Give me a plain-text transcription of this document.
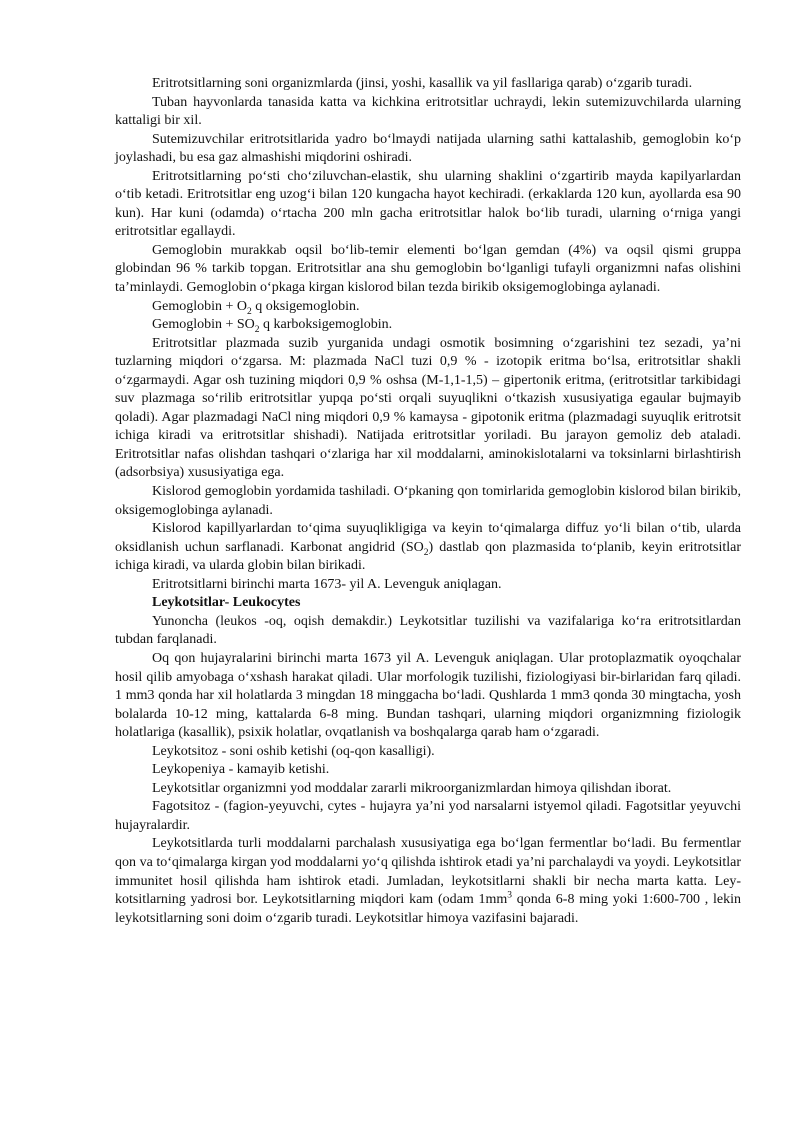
Eritrotsitlarning soni organizmlarda (jinsi, yoshi, kasallik va yil fasllariga qarab) o‘zgarib turadi.

Tuban hayvonlarda tanasida katta va kichkina eritrotsitlar uchraydi, lekin sutemizuvchilarda ularning kattaligi bir xil.

Sutemizuvchilar eritrotsitlarida yadro bo‘lmaydi natijada ularning sathi kattalashib, gemoglobin ko‘p joylashadi, bu esa gaz almashishi miqdorini oshiradi.

Eritrotsitlarning po‘sti cho‘ziluvchan-elastik, shu ularning shaklini o‘zgartirib mayda kapilyarlardan o‘tib ketadi. Eritrotsitlar eng uzog‘i bilan 120 kungacha hayot kechiradi. (erkaklarda 120 kun, ayollarda esa 90 kun). Har kuni (odamda) o‘rtacha 200 mln gacha eritrotsitlar halok bo‘lib turadi, ularning o‘rniga yangi eritrotsitlar egallaydi.

Gemoglobin murakkab oqsil bo‘lib-temir elementi bo‘lgan gemdan (4%) va oqsil qismi gruppa globindan 96 % tarkib topgan. Eritrotsitlar ana shu gemoglobin bo‘lganligi tufayli organizmni nafas olishini ta’minlaydi. Gemoglobin o‘pkaga kirgan kislorod bilan tezda birikib oksigemoglobinga aylanadi.

Gemoglobin + $O_2$ q oksigemoglobin.

Gemoglobin + $SO_2$ q karboksigemoglobin.

Eritrotsitlar plazmada suzib yurganida undagi osmotik bosimning o‘zgarishini tez sezadi, ya’ni tuzlarning miqdori o‘zgarsa. M: plazmada NaCl tuzi 0,9 % - izotopik eritma bo‘lsa, eritrotsitlar shakli o‘zgarmaydi. Agar osh tuzining miqdori 0,9 % oshsa (M-1,1-1,5) – gipertonik eritma, (eritrotsitlar tarkibidagi suv plazmaga so‘rilib eritrotsitlar yupqa po‘sti orqali suyuqlikni o‘tkazish xususiyatiga egaular bujmayib qoladi). Agar plazmadagi NaCl ning miqdori 0,9 % kamaysa - gipotonik eritma (plazmadagi suyuqlik eritrotsit ichiga kiradi va eritrotsitlar shishadi). Natijada eritrotsitlar yoriladi. Bu jarayon gemoliz deb ataladi. Eritrotsitlar nafas olishdan tashqari o‘zlariga har xil moddalarni, aminokislotalarni va toksinlarni birlashtirish (adsorbsiya) xususiyatiga ega.

Kislorod gemoglobin yordamida tashiladi. O‘pkaning qon tomirlarida gemoglobin kislorod bilan birikib, oksigemoglobinga aylanadi.

Kislorod kapillyarlardan to‘qima suyuqlikligiga va keyin to‘qimalarga diffuz yo‘li bilan o‘tib, ularda oksidlanish uchun sarflanadi. Karbonat angidrid $(SO_2)$ dastlab qon plazmasida to‘planib, keyin eritrotsitlar ichiga kiradi, va ularda globin bilan birikadi.

Eritrotsitlarni birinchi marta 1673- yil A. Levenguk aniqlagan.

Leykotsitlar- Leukocytes

Yunoncha (leukos -oq, oqish demakdir.) Leykotsitlar tuzilishi va vazifalariga ko‘ra eritrotsitlardan tubdan farqlanadi.

Oq qon hujayralarini birinchi marta 1673 yil A. Levenguk aniqlagan. Ular protoplazmatik oyoqchalar hosil qilib amyobaga o‘xshash harakat qiladi. Ular morfologik tuzilishi, fiziologiyasi bir-birlaridan farq qiladi. 1 mm3 qonda har xil holatlarda 3 mingdan 18 minggacha bo‘ladi. Qushlarda 1 mm3 qonda 30 mingtacha, yosh bolalarda 10-12 ming, kattalarda 6-8 ming. Bundan tashqari, ularning miqdori organizmning fiziologik holatlariga (kasallik), psixik holatlar, ovqatlanish va boshqalarga qarab ham o‘zgaradi.

Leykotsitoz - soni oshib ketishi (oq-qon kasalligi).

Leykopeniya - kamayib ketishi.

Leykotsitlar organizmni yod moddalar zararli mikroorganizmlardan himoya qilishdan iborat.

Fagotsitoz - (fagion-yeyuvchi, cytes - hujayra ya’ni yod narsalarni istyemol qiladi. Fagotsitlar yeyuvchi hujayralardir.

Leykotsitlarda turli moddalarni parchalash xususiyatiga ega bo‘lgan fermentlar bo‘ladi. Bu fermentlar qon va to‘qimalarga kirgan yod moddalarni yo‘q qilishda ishtirok etadi ya’ni parchalaydi va yoydi. Leykotsitlar immunitet hosil qilishda ham ishtirok etadi. Jumladan, leykotsitlarni shakli bir necha marta katta. Ley-kotsitlarning yadrosi bor. Leykotsitlarning miqdori kam (odam $1mm^3$ qonda 6-8 ming yoki 1:600-700 , lekin leykotsitlarning soni doim o‘zgarib turadi. Leykotsitlar himoya vazifasini bajaradi.
